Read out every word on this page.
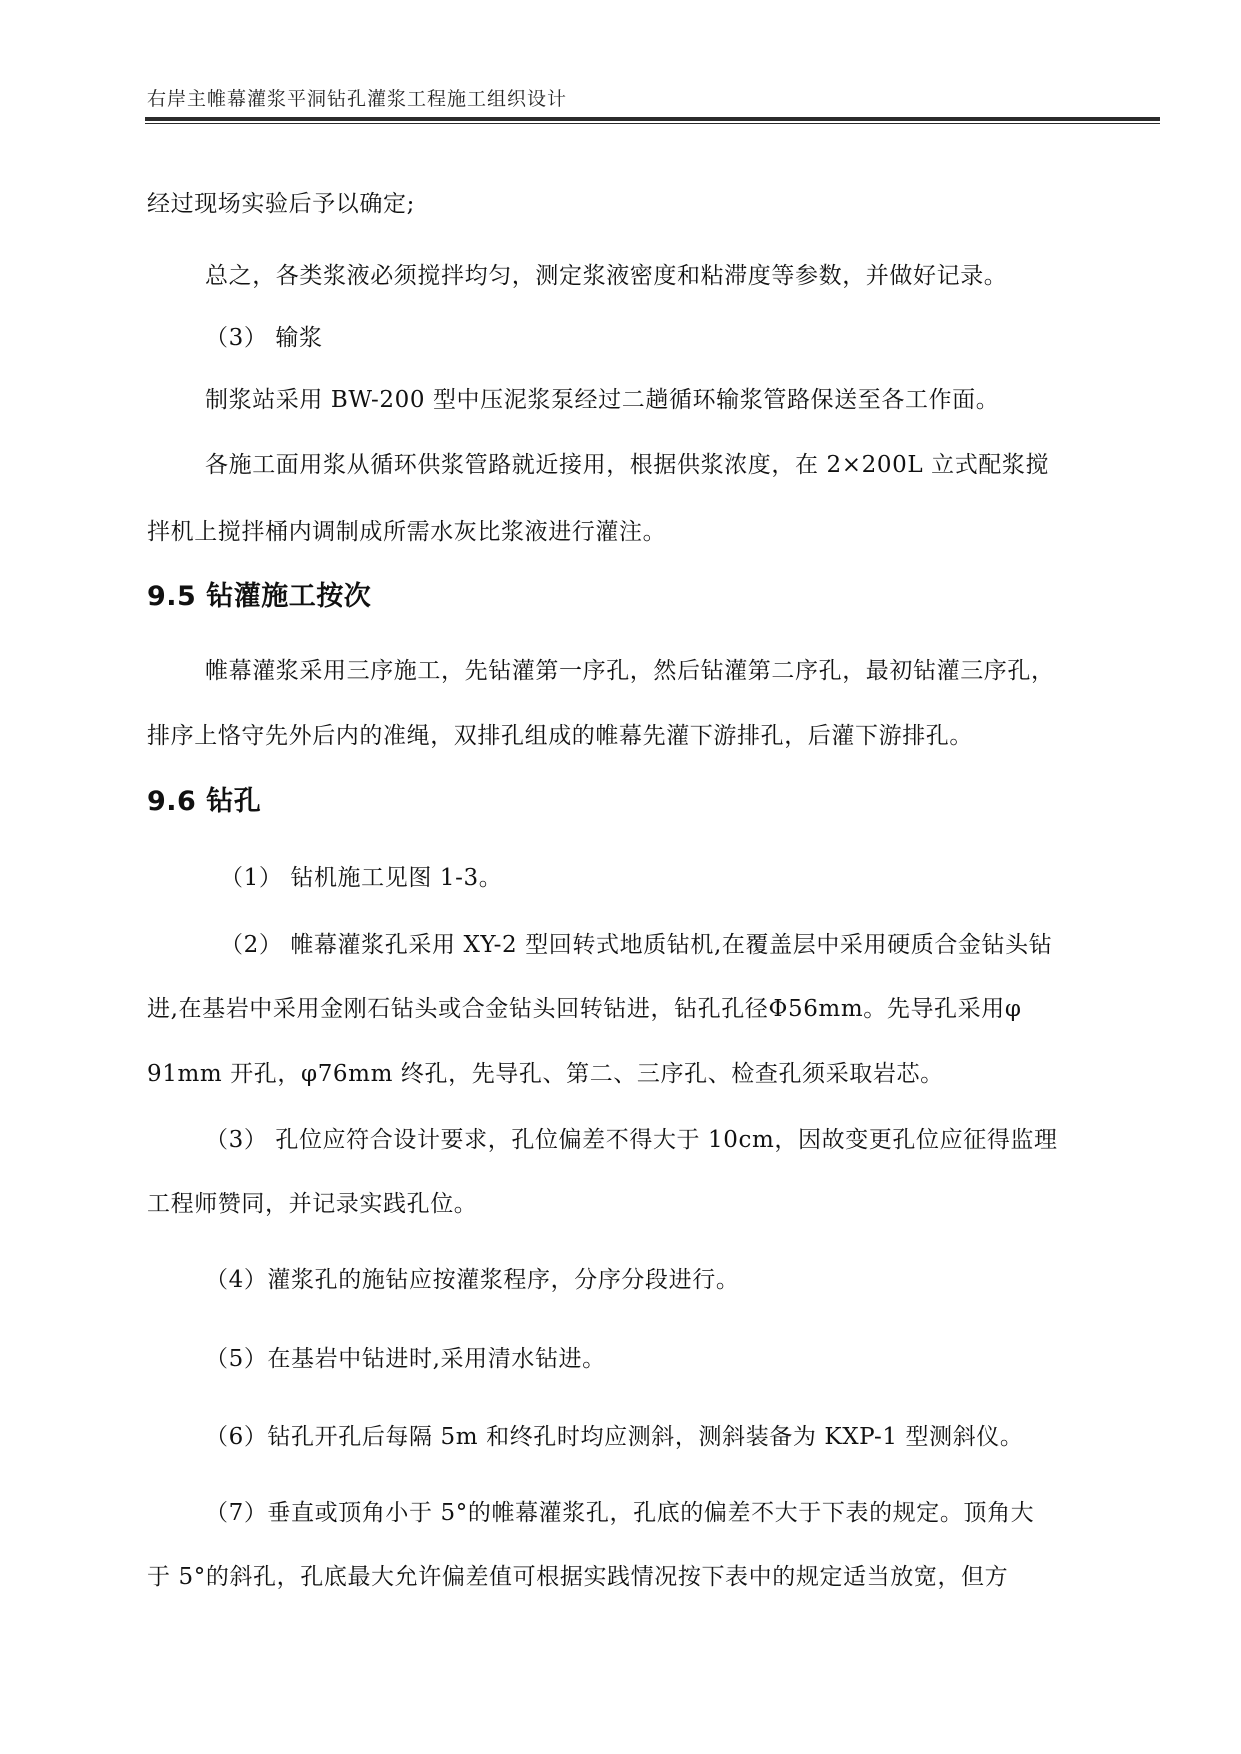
右岸主帷幕灌浆平洞钻孔灌浆工程施工组织设计

经过现场实验后予以确定;

总之，各类浆液必须搅拌均匀，测定浆液密度和粘滞度等参数，并做好记录。

（3） 输浆

制浆站采用 BW-200 型中压泥浆泵经过二趟循环输浆管路保送至各工作面。

各施工面用浆从循环供浆管路就近接用，根据供浆浓度，在 2×200L 立式配浆搅

拌机上搅拌桶内调制成所需水灰比浆液进行灌注。

9.5 钻灌施工按次

帷幕灌浆采用三序施工，先钻灌第一序孔，然后钻灌第二序孔，最初钻灌三序孔，

排序上恪守先外后内的准绳，双排孔组成的帷幕先灌下游排孔，后灌下游排孔。

9.6 钻孔

（1） 钻机施工见图 1-3。

（2） 帷幕灌浆孔采用 XY-2 型回转式地质钻机,在覆盖层中采用硬质合金钻头钻

进,在基岩中采用金刚石钻头或合金钻头回转钻进，钻孔孔径Φ56mm。先导孔采用φ

91mm 开孔，φ76mm 终孔，先导孔、第二、三序孔、检查孔须采取岩芯。

（3） 孔位应符合设计要求，孔位偏差不得大于 10cm，因故变更孔位应征得监理

工程师赞同，并记录实践孔位。

（4）灌浆孔的施钻应按灌浆程序，分序分段进行。

（5）在基岩中钻进时,采用清水钻进。

（6）钻孔开孔后每隔 5m 和终孔时均应测斜，测斜装备为 KXP-1 型测斜仪。

（7）垂直或顶角小于 5°的帷幕灌浆孔，孔底的偏差不大于下表的规定。顶角大

于 5°的斜孔，孔底最大允许偏差值可根据实践情况按下表中的规定适当放宽，但方
